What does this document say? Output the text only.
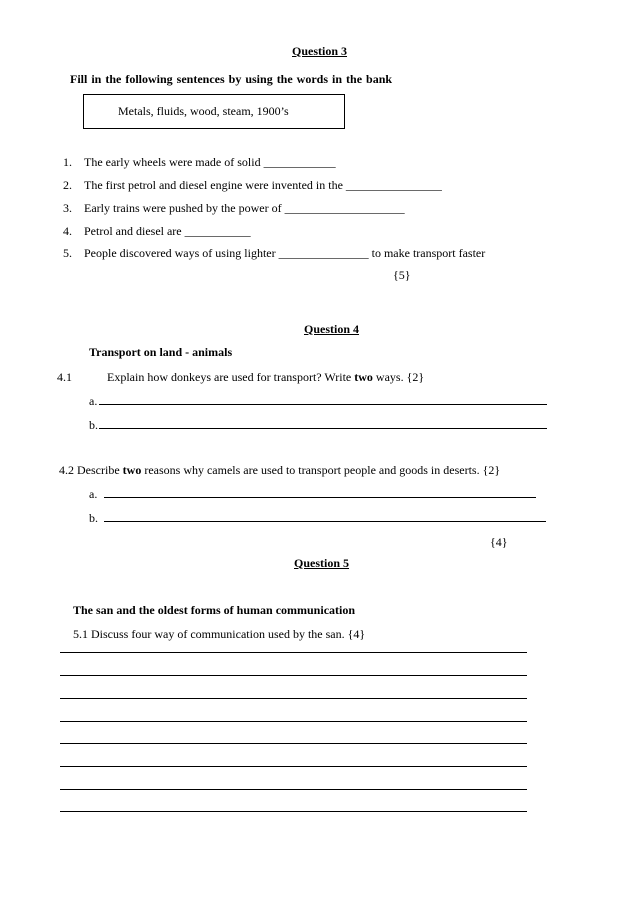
Question 3
Fill in the following sentences by using the words in the bank
Metals, fluids, wood, steam, 1900’s
1. The early wheels were made of solid ____________
2. The first petrol and diesel engine were invented in the ________________
3. Early trains were pushed by the power of ____________________
4. Petrol and diesel are ___________
5. People discovered ways of using lighter _______________ to make transport faster
{5}
Question 4
Transport on land - animals
4.1	Explain how donkeys are used for transport? Write two ways. {2}
a.
b.
4.2 Describe two reasons why camels are used to transport people and goods in deserts. {2}
a.
b.
{4}
Question 5
The san and the oldest forms of human communication
5.1 Discuss four way of communication used by the san. {4}
